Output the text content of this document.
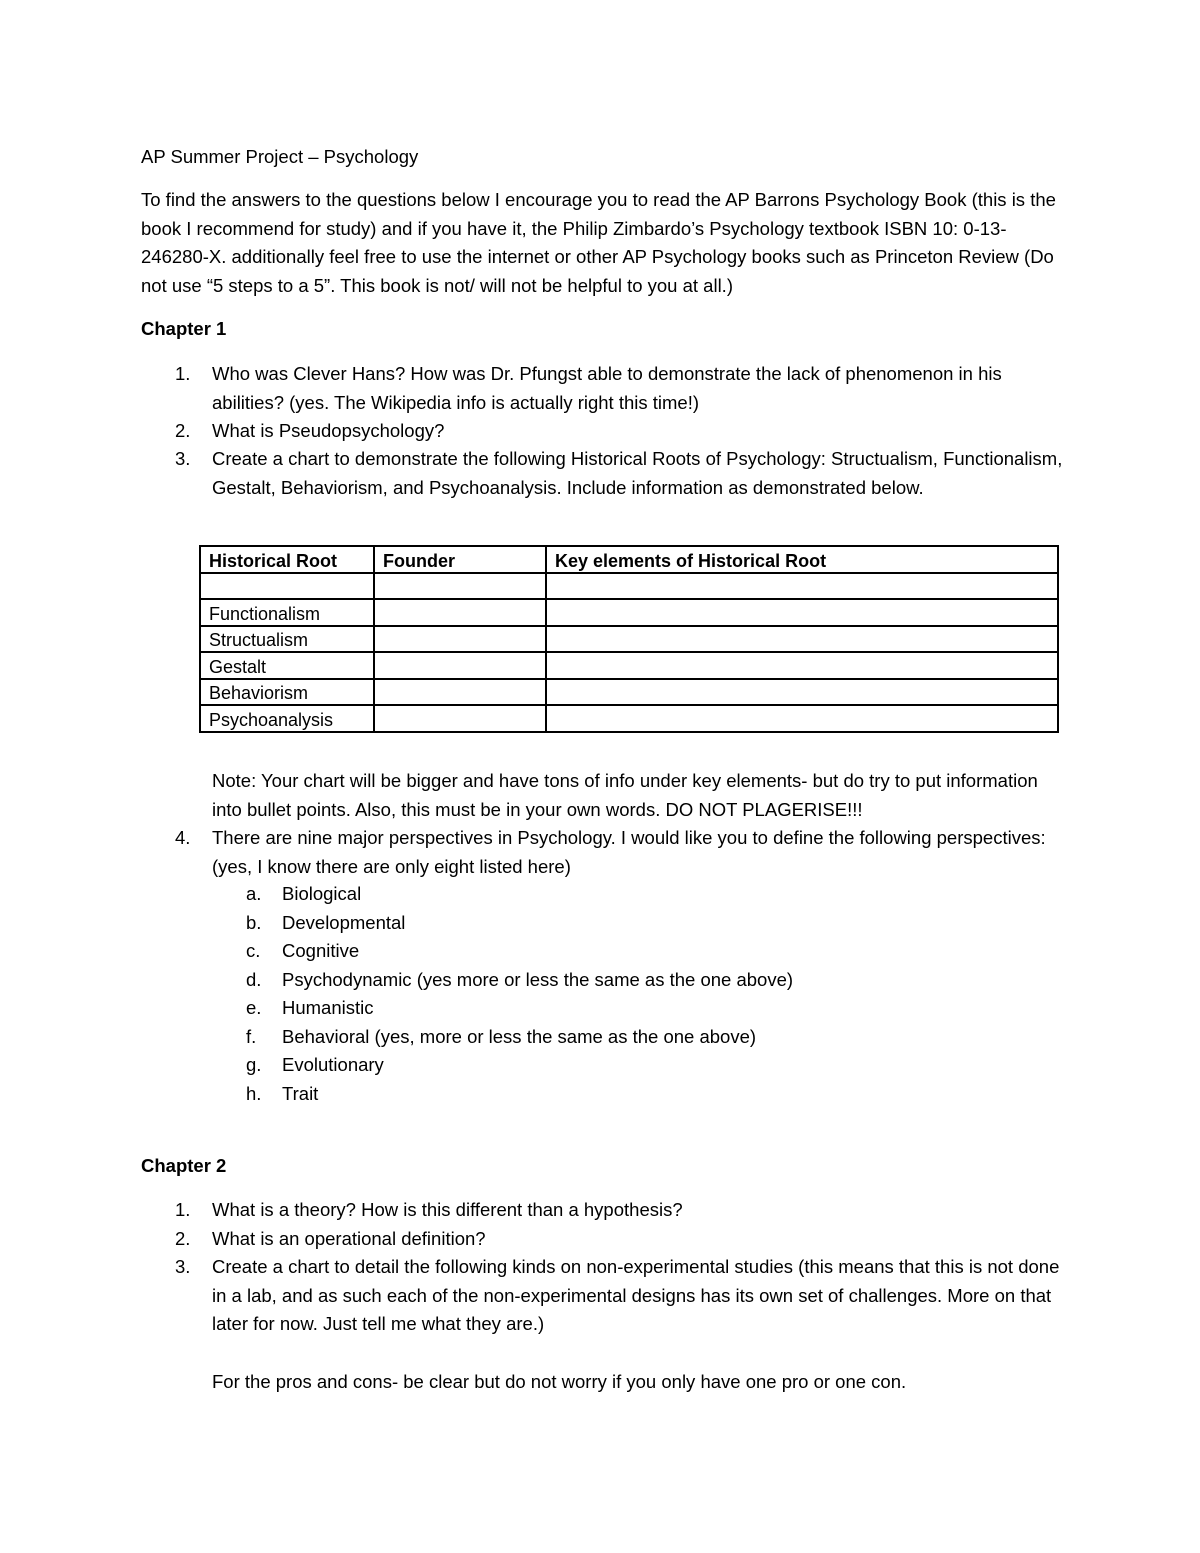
AP Summer Project – Psychology
To find the answers to the questions below I encourage you to read the AP Barrons Psychology Book (this is the book I recommend for study) and if you have it, the Philip Zimbardo’s Psychology textbook ISBN 10: 0-13-246280-X. additionally feel free to use the internet or other AP Psychology books such as Princeton Review (Do not use “5 steps to a 5”. This book is not/ will not be helpful to you at all.)
Chapter 1
1. Who was Clever Hans? How was Dr. Pfungst able to demonstrate the lack of phenomenon in his abilities? (yes. The Wikipedia info is actually right this time!)
2. What is Pseudopsychology?
3. Create a chart to demonstrate the following Historical Roots of Psychology: Structualism, Functionalism, Gestalt, Behaviorism, and Psychoanalysis. Include information as demonstrated below.
Historical Root	Founder	Key elements of Historical Root

Functionalism		
Structualism		
Gestalt		
Behaviorism		
Psychoanalysis		
Note: Your chart will be bigger and have tons of info under key elements- but do try to put information into bullet points. Also, this must be in your own words. DO NOT PLAGERISE!!!
4. There are nine major perspectives in Psychology. I would like you to define the following perspectives: (yes, I know there are only eight listed here)
a. Biological
b. Developmental
c. Cognitive
d. Psychodynamic (yes more or less the same as the one above)
e. Humanistic
f. Behavioral (yes, more or less the same as the one above)
g. Evolutionary
h. Trait
Chapter 2
1. What is a theory? How is this different than a hypothesis?
2. What is an operational definition?
3. Create a chart to detail the following kinds on non-experimental studies (this means that this is not done in a lab, and as such each of the non-experimental designs has its own set of challenges. More on that later for now. Just tell me what they are.)
For the pros and cons- be clear but do not worry if you only have one pro or one con.
